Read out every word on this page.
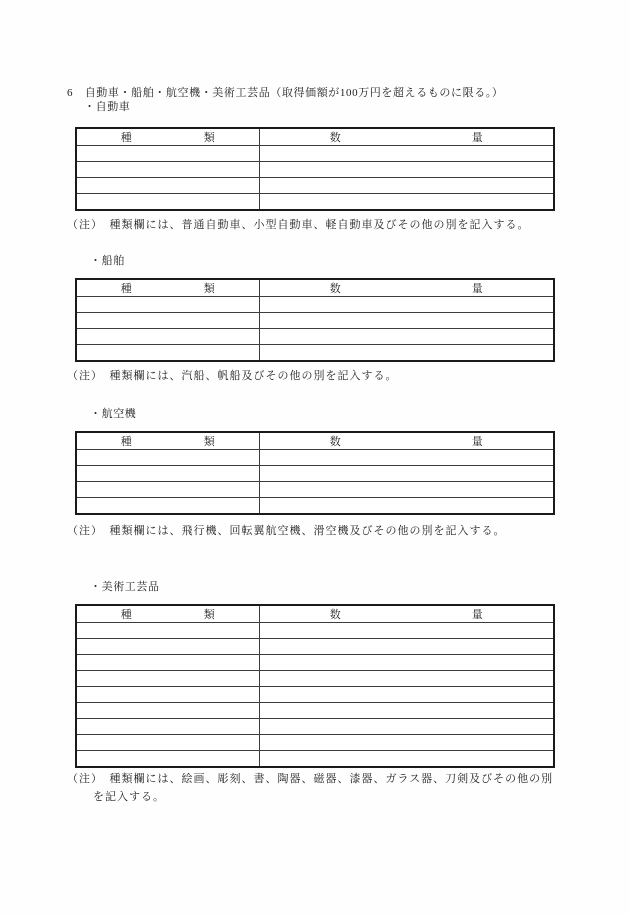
6　自動車・船舶・航空機・美術工芸品（取得価額が100万円を超えるものに限る。）
・自動車
種 類	数 量

（注）　種類欄には、普通自動車、小型自動車、軽自動車及びその他の別を記入する。
・船舶
種 類	数 量

（注）　種類欄には、汽船、帆船及びその他の別を記入する。
・航空機
種 類	数 量

（注）　種類欄には、飛行機、回転翼航空機、滑空機及びその他の別を記入する。
・美術工芸品
種 類	数 量

（注）　種類欄には、絵画、彫刻、書、陶器、磁器、漆器、ガラス器、刀剣及びその他の別
を記入する。
